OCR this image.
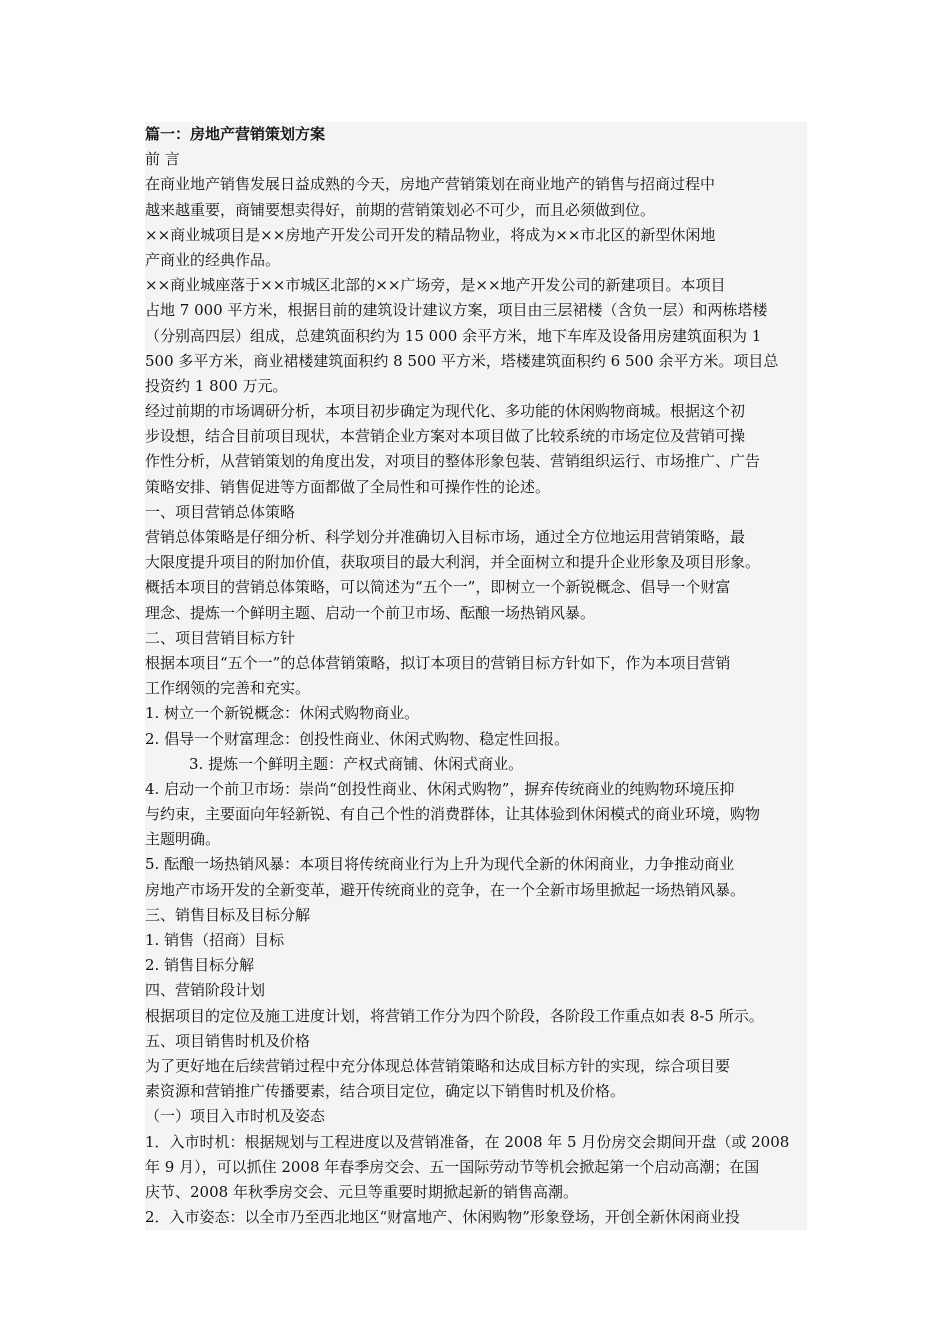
篇一：房地产营销策划方案
前 言
在商业地产销售发展日益成熟的今天，房地产营销策划在商业地产的销售与招商过程中
越来越重要，商铺要想卖得好，前期的营销策划必不可少，而且必须做到位。
××商业城项目是××房地产开发公司开发的精品物业，将成为××市北区的新型休闲地
产商业的经典作品。
××商业城座落于××市城区北部的××广场旁，是××地产开发公司的新建项目。本项目
占地 7 000 平方米，根据目前的建筑设计建议方案，项目由三层裙楼（含负一层）和两栋塔楼
（分别高四层）组成，总建筑面积约为 15 000 余平方米，地下车库及设备用房建筑面积为 1
500 多平方米，商业裙楼建筑面积约 8 500 平方米，塔楼建筑面积约 6 500 余平方米。项目总
投资约 1 800 万元。
经过前期的市场调研分析，本项目初步确定为现代化、多功能的休闲购物商城。根据这个初
步设想，结合目前项目现状，本营销企业方案对本项目做了比较系统的市场定位及营销可操
作性分析，从营销策划的角度出发，对项目的整体形象包装、营销组织运行、市场推广、广告
策略安排、销售促进等方面都做了全局性和可操作性的论述。
一、项目营销总体策略
营销总体策略是仔细分析、科学划分并准确切入目标市场，通过全方位地运用营销策略，最
大限度提升项目的附加价值，获取项目的最大利润，并全面树立和提升企业形象及项目形象。
概括本项目的营销总体策略，可以简述为“五个一”，即树立一个新锐概念、倡导一个财富
理念、提炼一个鲜明主题、启动一个前卫市场、酝酿一场热销风暴。
二、项目营销目标方针
根据本项目“五个一”的总体营销策略，拟订本项目的营销目标方针如下，作为本项目营销
工作纲领的完善和充实。
1. 树立一个新锐概念：休闲式购物商业。
2. 倡导一个财富理念：创投性商业、休闲式购物、稳定性回报。
3. 提炼一个鲜明主题：产权式商铺、休闲式商业。
4. 启动一个前卫市场：崇尚“创投性商业、休闲式购物”，摒弃传统商业的纯购物环境压抑
与约束，主要面向年轻新锐、有自己个性的消费群体，让其体验到休闲模式的商业环境，购物
主题明确。
5. 酝酿一场热销风暴：本项目将传统商业行为上升为现代全新的休闲商业，力争推动商业
房地产市场开发的全新变革，避开传统商业的竞争，在一个全新市场里掀起一场热销风暴。
三、销售目标及目标分解
1. 销售（招商）目标
2. 销售目标分解
四、营销阶段计划
根据项目的定位及施工进度计划，将营销工作分为四个阶段，各阶段工作重点如表 8-5 所示。
五、项目销售时机及价格
为了更好地在后续营销过程中充分体现总体营销策略和达成目标方针的实现，综合项目要
素资源和营销推广传播要素，结合项目定位，确定以下销售时机及价格。
（一）项目入市时机及姿态
1．入市时机：根据规划与工程进度以及营销准备，在 2008 年 5 月份房交会期间开盘（或 2008
年 9 月），可以抓住 2008 年春季房交会、五一国际劳动节等机会掀起第一个启动高潮；在国
庆节、2008 年秋季房交会、元旦等重要时期掀起新的销售高潮。
2．入市姿态：以全市乃至西北地区“财富地产、休闲购物”形象登场，开创全新休闲商业投
